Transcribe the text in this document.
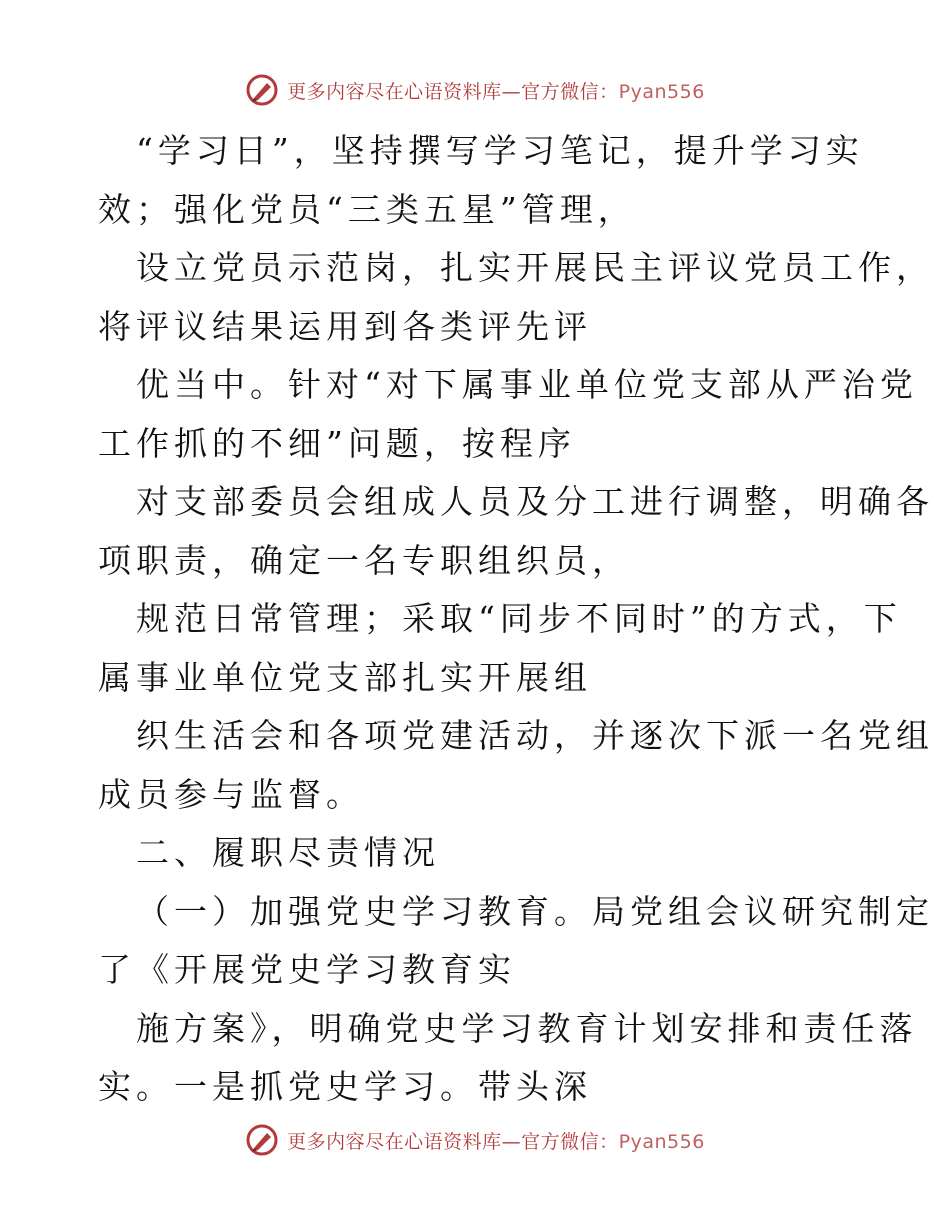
更多内容尽在心语资料库—官方微信：Pyan556
“学习日”，坚持撰写学习笔记，提升学习实
效；强化党员“三类五星”管理，
设立党员示范岗，扎实开展民主评议党员工作，
将评议结果运用到各类评先评
优当中。针对“对下属事业单位党支部从严治党
工作抓的不细”问题，按程序
对支部委员会组成人员及分工进行调整，明确各
项职责，确定一名专职组织员，
规范日常管理；采取“同步不同时”的方式，下
属事业单位党支部扎实开展组
织生活会和各项党建活动，并逐次下派一名党组
成员参与监督。
二、履职尽责情况
（一）加强党史学习教育。局党组会议研究制定
了《开展党史学习教育实
施方案》，明确党史学习教育计划安排和责任落
实。一是抓党史学习。带头深
更多内容尽在心语资料库—官方微信：Pyan556
